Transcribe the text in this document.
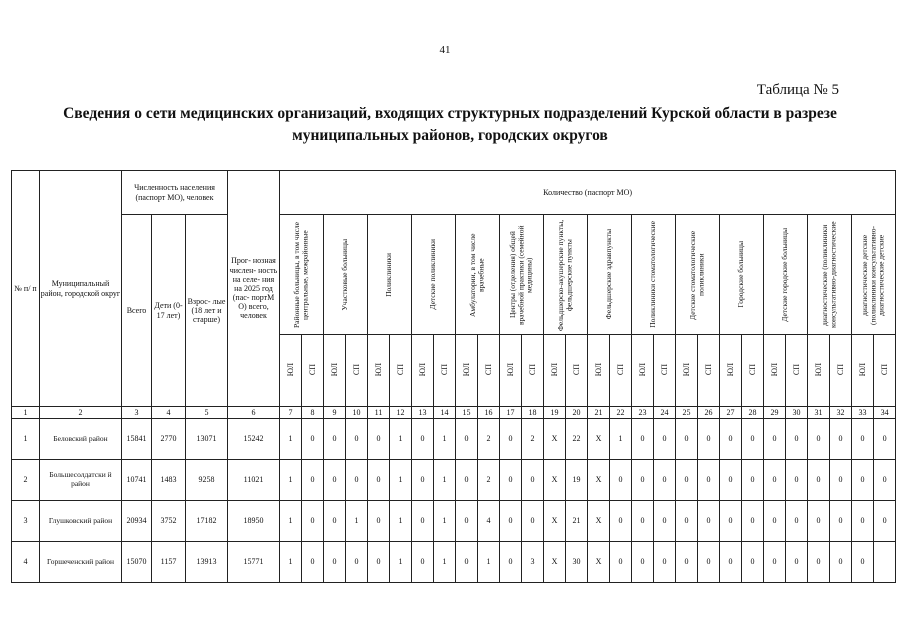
41
Таблица № 5
Сведения о сети медицинских организаций, входящих структурных подразделений Курской области в разрезе
муниципальных районов, городских округов
№ п/ п	Муниципальный район, городской округ	Численность населения (паспорт МО), человек			Прог- нозная числен- ность на селе- ния на 2025 год (пас- портМ О) всего, человек	Количество (паспорт МО)																											
		Всего	Дети (0- 17 лет)	Взрос- лые (18 лет и старше)		Районные больницы, в том числе центральные, межрайонные		Участковые больницы		Поликлиники		Детские поликлиники		Амбулатории, в том числе врачебные		Центры (отделения) общей врачебной практики (семейной медицины)		Фельдшерско-акушерские пункты, фельдшерские пункты		Фельдшерские здравпункты		Поликлиники стоматологические		Детские стоматологические поликлиники		Городские больницы		Детские городские больницы		диагностические (поликлиники консультативно-диагностические		диагностические детские (поликлиники консультативно-диагностические детские	

						ЮЛ	СП	ЮЛ	СП	ЮЛ	СП	ЮЛ	СП	ЮЛ	СП	ЮЛ	СП	ЮЛ	СП	ЮЛ	СП	ЮЛ	СП	ЮЛ	СП	ЮЛ	СП	ЮЛ	СП	ЮЛ	СП	ЮЛ	СП
1	2	3	4	5	6	7	8	9	10	11	12	13	14	15	16	17	18	19	20	21	22	23	24	25	26	27	28	29	30	31	32	33	34
1	Беловский район	15841	2770	13071	15242	1	0	0	0	0	1	0	1	0	2	0	2	Х	22	Х	1	0	0	0	0	0	0	0	0	0	0	0	0
2	Большесолдатски й район	10741	1483	9258	11021	1	0	0	0	0	1	0	1	0	2	0	0	Х	19	Х	0	0	0	0	0	0	0	0	0	0	0	0	0
3	Глушковский район	20934	3752	17182	18950	1	0	0	1	0	1	0	1	0	4	0	0	Х	21	Х	0	0	0	0	0	0	0	0	0	0	0	0	0
4	Горшеченский район	15070	1157	13913	15771	1	0	0	0	0	1	0	1	0	1	0	3	Х	30	Х	0	0	0	0	0	0	0	0	0	0	0	0	
